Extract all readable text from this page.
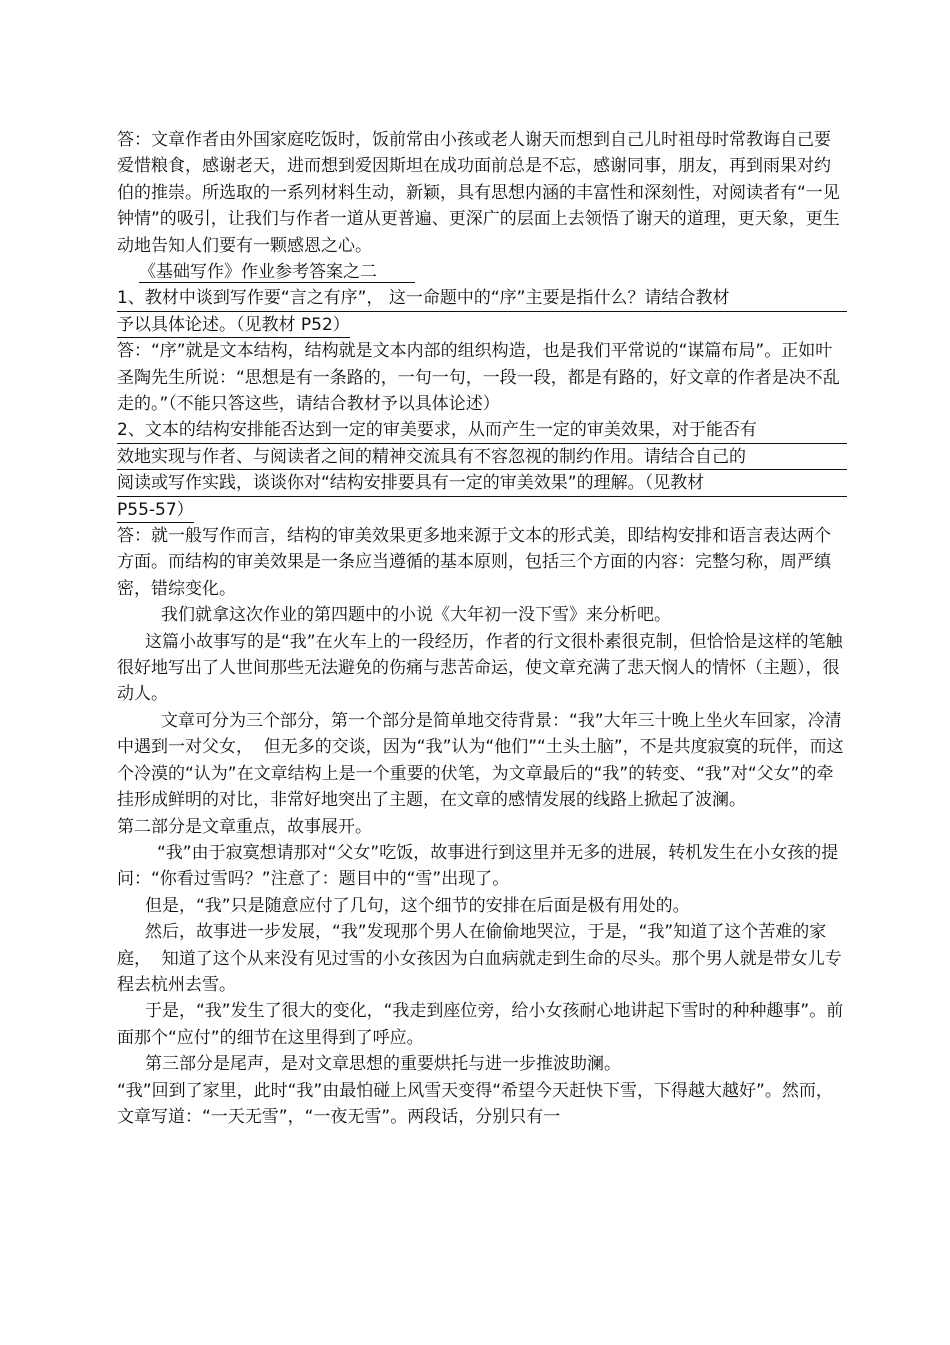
答：文章作者由外国家庭吃饭时，饭前常由小孩或老人谢天而想到自己儿时祖母时常教诲自己要爱惜粮食，感谢老天，进而想到爱因斯坦在成功面前总是不忘，感谢同事，朋友，再到雨果对约伯的推崇。所选取的一系列材料生动，新颖，具有思想内涵的丰富性和深刻性，对阅读者有“一见钟情”的吸引，让我们与作者一道从更普遍、更深广的层面上去领悟了谢天的道理，更天象，更生动地告知人们要有一颗感恩之心。

《基础写作》作业参考答案之二

1、教材中谈到写作要“言之有序”， 这一命题中的“序”主要是指什么？请结合教材
予以具体论述。（见教材 P52）

答：“序”就是文本结构，结构就是文本内部的组织构造，也是我们平常说的“谋篇布局”。正如叶圣陶先生所说：“思想是有一条路的，一句一句，一段一段，都是有路的，好文章的作者是决不乱走的。”（不能只答这些，请结合教材予以具体论述）

2、文本的结构安排能否达到一定的审美要求，从而产生一定的审美效果，对于能否有
效地实现与作者、与阅读者之间的精神交流具有不容忽视的制约作用。请结合自己的
阅读或写作实践，谈谈你对“结构安排要具有一定的审美效果”的理解。（见教材
P55-57）

答：就一般写作而言，结构的审美效果更多地来源于文本的形式美，即结构安排和语言表达两个方面。而结构的审美效果是一条应当遵循的基本原则，包括三个方面的内容：完整匀称，周严缜密，错综变化。

我们就拿这次作业的第四题中的小说《大年初一没下雪》来分析吧。

这篇小故事写的是“我”在火车上的一段经历，作者的行文很朴素很克制，但恰恰是这样的笔触很好地写出了人世间那些无法避免的伤痛与悲苦命运，使文章充满了悲天悯人的情怀（主题），很动人。

文章可分为三个部分，第一个部分是简单地交待背景：“我”大年三十晚上坐火车回家，冷清中遇到一对父女，  但无多的交谈，因为“我”认为“他们”“土头土脑”，不是共度寂寞的玩伴，而这个冷漠的“认为”在文章结构上是一个重要的伏笔，为文章最后的“我”的转变、“我”对“父女”的牵挂形成鲜明的对比，非常好地突出了主题，在文章的感情发展的线路上掀起了波澜。

第二部分是文章重点，故事展开。

“我”由于寂寞想请那对“父女”吃饭，故事进行到这里并无多的进展，转机发生在小女孩的提问：“你看过雪吗？”注意了：题目中的“雪”出现了。

但是，“我”只是随意应付了几句，这个细节的安排在后面是极有用处的。

然后，故事进一步发展，“我”发现那个男人在偷偷地哭泣，于是，“我”知道了这个苦难的家庭，  知道了这个从来没有见过雪的小女孩因为白血病就走到生命的尽头。那个男人就是带女儿专程去杭州去雪。

于是，“我”发生了很大的变化，“我走到座位旁，给小女孩耐心地讲起下雪时的种种趣事”。前面那个“应付”的细节在这里得到了呼应。

第三部分是尾声，是对文章思想的重要烘托与进一步推波助澜。

“我”回到了家里，此时“我”由最怕碰上风雪天变得“希望今天赶快下雪，下得越大越好”。然而，文章写道：“一天无雪”，“一夜无雪”。两段话，分别只有一
